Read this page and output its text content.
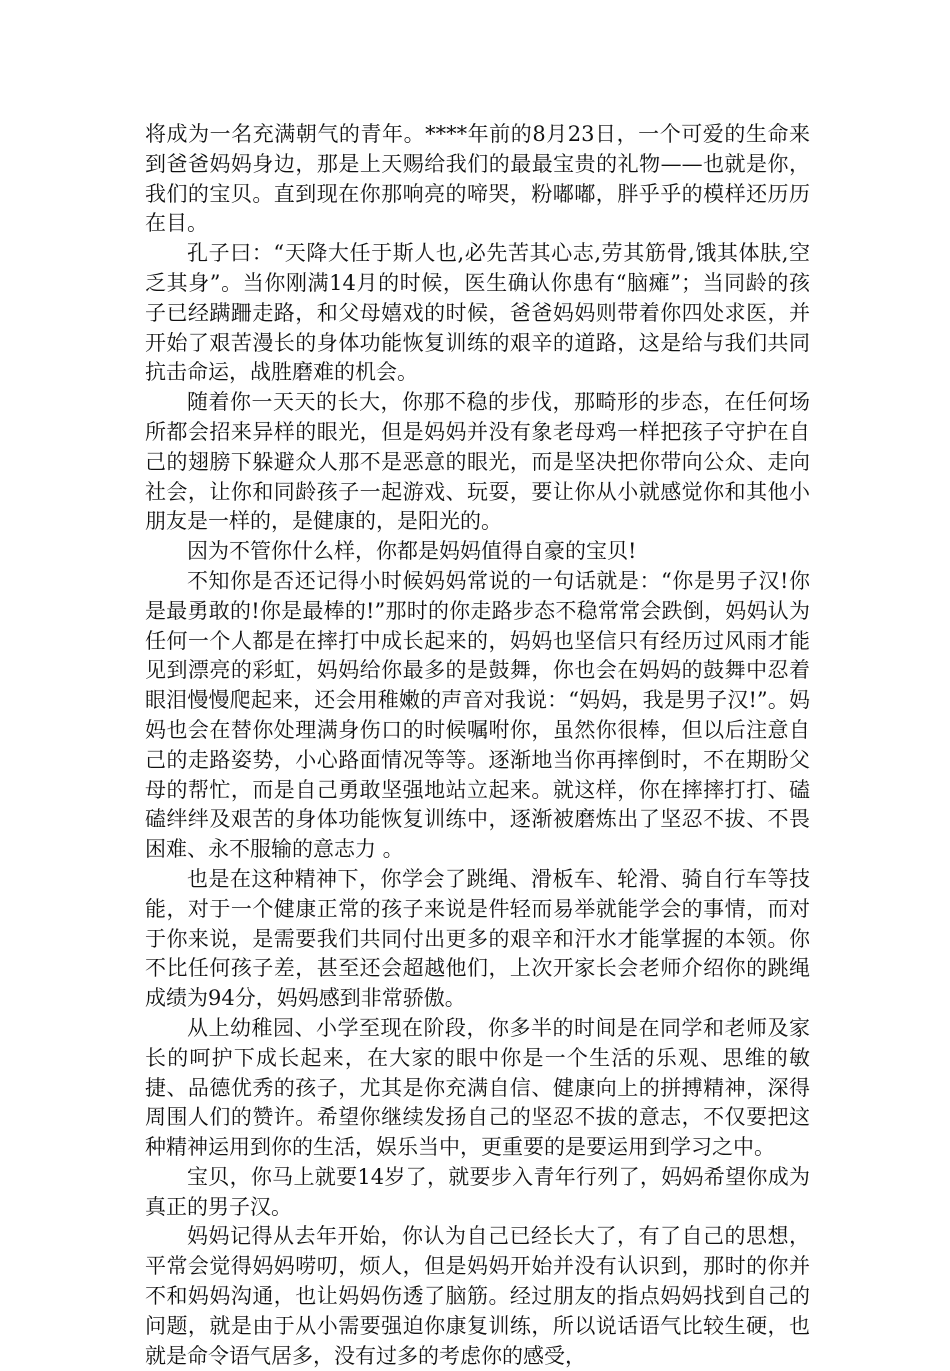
将成为一名充满朝气的青年。****年前的8月23日，一个可爱的生命来到爸爸妈妈身边，那是上天赐给我们的最最宝贵的礼物——也就是你，我们的宝贝。直到现在你那响亮的啼哭，粉嘟嘟，胖乎乎的模样还历历在目。

孔子曰：“天降大任于斯人也,必先苦其心志,劳其筋骨,饿其体肤,空乏其身”。当你刚满14月的时候，医生确认你患有“脑瘫”；当同龄的孩子已经蹒跚走路，和父母嬉戏的时候，爸爸妈妈则带着你四处求医，并开始了艰苦漫长的身体功能恢复训练的艰辛的道路，这是给与我们共同抗击命运，战胜磨难的机会。

随着你一天天的长大，你那不稳的步伐，那畸形的步态，在任何场所都会招来异样的眼光，但是妈妈并没有象老母鸡一样把孩子守护在自己的翅膀下躲避众人那不是恶意的眼光，而是坚决把你带向公众、走向社会，让你和同龄孩子一起游戏、玩耍，要让你从小就感觉你和其他小朋友是一样的，是健康的，是阳光的。

因为不管你什么样，你都是妈妈值得自豪的宝贝!

不知你是否还记得小时候妈妈常说的一句话就是：“你是男子汉!你是最勇敢的!你是最棒的!”那时的你走路步态不稳常常会跌倒，妈妈认为任何一个人都是在摔打中成长起来的，妈妈也坚信只有经历过风雨才能见到漂亮的彩虹，妈妈给你最多的是鼓舞，你也会在妈妈的鼓舞中忍着眼泪慢慢爬起来，还会用稚嫩的声音对我说：“妈妈，我是男子汉!”。妈妈也会在替你处理满身伤口的时候嘱咐你，虽然你很棒，但以后注意自己的走路姿势，小心路面情况等等。逐渐地当你再摔倒时，不在期盼父母的帮忙，而是自己勇敢坚强地站立起来。就这样，你在摔摔打打、磕磕绊绊及艰苦的身体功能恢复训练中，逐渐被磨炼出了坚忍不拔、不畏困难、永不服输的意志力 。

也是在这种精神下，你学会了跳绳、滑板车、轮滑、骑自行车等技能，对于一个健康正常的孩子来说是件轻而易举就能学会的事情，而对于你来说，是需要我们共同付出更多的艰辛和汗水才能掌握的本领。你不比任何孩子差，甚至还会超越他们，上次开家长会老师介绍你的跳绳成绩为94分，妈妈感到非常骄傲。

从上幼稚园、小学至现在阶段，你多半的时间是在同学和老师及家长的呵护下成长起来，在大家的眼中你是一个生活的乐观、思维的敏捷、品德优秀的孩子，尤其是你充满自信、健康向上的拼搏精神，深得周围人们的赞许。希望你继续发扬自己的坚忍不拔的意志，不仅要把这种精神运用到你的生活，娱乐当中，更重要的是要运用到学习之中。

宝贝，你马上就要14岁了，就要步入青年行列了，妈妈希望你成为真正的男子汉。

妈妈记得从去年开始，你认为自己已经长大了，有了自己的思想，平常会觉得妈妈唠叨，烦人，但是妈妈开始并没有认识到，那时的你并不和妈妈沟通，也让妈妈伤透了脑筋。经过朋友的指点妈妈找到自己的问题，就是由于从小需要强迫你康复训练，所以说话语气比较生硬，也就是命令语气居多，没有过多的考虑你的感受，
